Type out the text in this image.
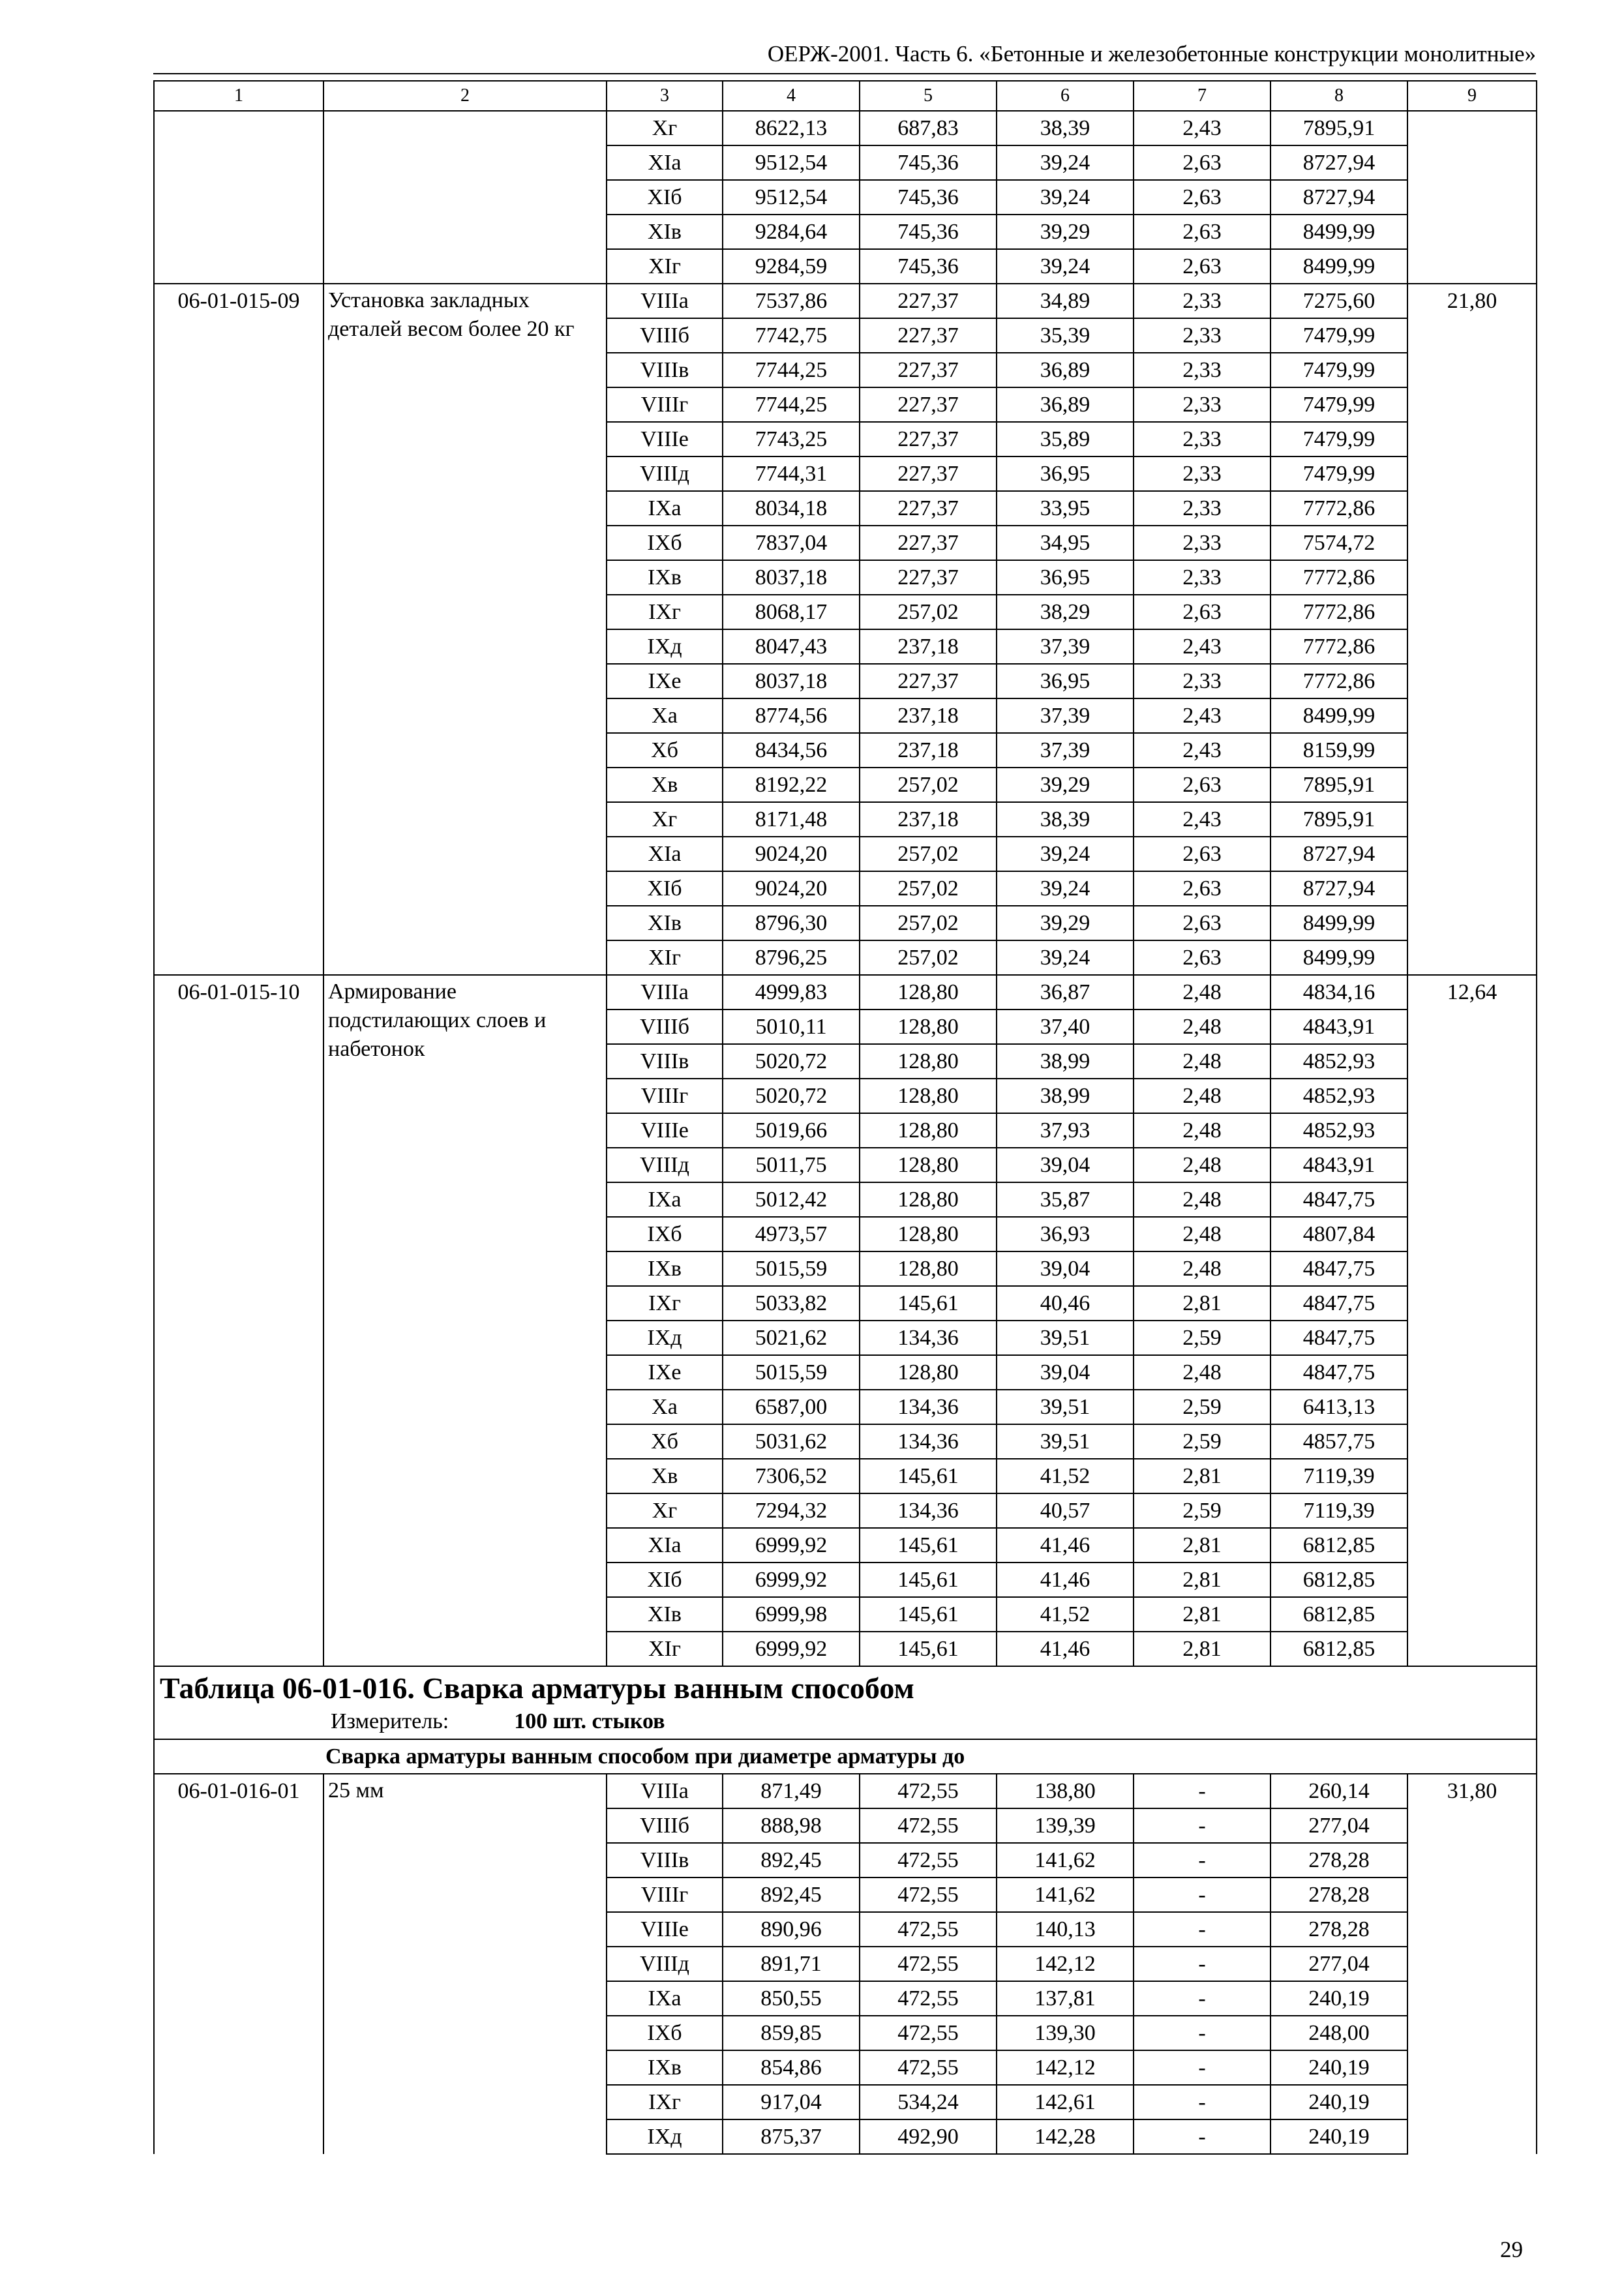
ОЕРЖ-2001. Часть 6. «Бетонные и железобетонные конструкции монолитные»
1	2	3	4	5	6	7	8	9
		Xг	8622,13	687,83	38,39	2,43	7895,91	
		XIа	9512,54	745,36	39,24	2,63	8727,94	
		XIб	9512,54	745,36	39,24	2,63	8727,94	
		XIв	9284,64	745,36	39,29	2,63	8499,99	
		XIг	9284,59	745,36	39,24	2,63	8499,99	
06-01-015-09	Установка закладных деталей весом более 20 кг	VIIIа	7537,86	227,37	34,89	2,33	7275,60	21,80
		VIIIб	7742,75	227,37	35,39	2,33	7479,99	
		VIIIв	7744,25	227,37	36,89	2,33	7479,99	
		VIIIг	7744,25	227,37	36,89	2,33	7479,99	
		VIIIе	7743,25	227,37	35,89	2,33	7479,99	
		VIIIд	7744,31	227,37	36,95	2,33	7479,99	
		IXа	8034,18	227,37	33,95	2,33	7772,86	
		IXб	7837,04	227,37	34,95	2,33	7574,72	
		IXв	8037,18	227,37	36,95	2,33	7772,86	
		IXг	8068,17	257,02	38,29	2,63	7772,86	
		IXд	8047,43	237,18	37,39	2,43	7772,86	
		IXе	8037,18	227,37	36,95	2,33	7772,86	
		Xа	8774,56	237,18	37,39	2,43	8499,99	
		Xб	8434,56	237,18	37,39	2,43	8159,99	
		Xв	8192,22	257,02	39,29	2,63	7895,91	
		Xг	8171,48	237,18	38,39	2,43	7895,91	
		XIа	9024,20	257,02	39,24	2,63	8727,94	
		XIб	9024,20	257,02	39,24	2,63	8727,94	
		XIв	8796,30	257,02	39,29	2,63	8499,99	
		XIг	8796,25	257,02	39,24	2,63	8499,99	
06-01-015-10	Армирование подстилающих слоев и набетонок	VIIIа	4999,83	128,80	36,87	2,48	4834,16	12,64
		VIIIб	5010,11	128,80	37,40	2,48	4843,91	
		VIIIв	5020,72	128,80	38,99	2,48	4852,93	
		VIIIг	5020,72	128,80	38,99	2,48	4852,93	
		VIIIе	5019,66	128,80	37,93	2,48	4852,93	
		VIIIд	5011,75	128,80	39,04	2,48	4843,91	
		IXа	5012,42	128,80	35,87	2,48	4847,75	
		IXб	4973,57	128,80	36,93	2,48	4807,84	
		IXв	5015,59	128,80	39,04	2,48	4847,75	
		IXг	5033,82	145,61	40,46	2,81	4847,75	
		IXд	5021,62	134,36	39,51	2,59	4847,75	
		IXе	5015,59	128,80	39,04	2,48	4847,75	
		Xа	6587,00	134,36	39,51	2,59	6413,13	
		Xб	5031,62	134,36	39,51	2,59	4857,75	
		Xв	7306,52	145,61	41,52	2,81	7119,39	
		Xг	7294,32	134,36	40,57	2,59	7119,39	
		XIа	6999,92	145,61	41,46	2,81	6812,85	
		XIб	6999,92	145,61	41,46	2,81	6812,85	
		XIв	6999,98	145,61	41,52	2,81	6812,85	
		XIг	6999,92	145,61	41,46	2,81	6812,85	

Таблица 06-01-016. Сварка арматуры ванным способом
Измеритель: 100 шт. стыков								

Сварка арматуры ванным способом при диаметре арматуры до								
06-01-016-01	25 мм	VIIIа	871,49	472,55	138,80	-	260,14	31,80
		VIIIб	888,98	472,55	139,39	-	277,04	
		VIIIв	892,45	472,55	141,62	-	278,28	
		VIIIг	892,45	472,55	141,62	-	278,28	
		VIIIе	890,96	472,55	140,13	-	278,28	
		VIIIд	891,71	472,55	142,12	-	277,04	
		IXа	850,55	472,55	137,81	-	240,19	
		IXб	859,85	472,55	139,30	-	248,00	
		IXв	854,86	472,55	142,12	-	240,19	
		IXг	917,04	534,24	142,61	-	240,19	
		IXд	875,37	492,90	142,28	-	240,19	
29
